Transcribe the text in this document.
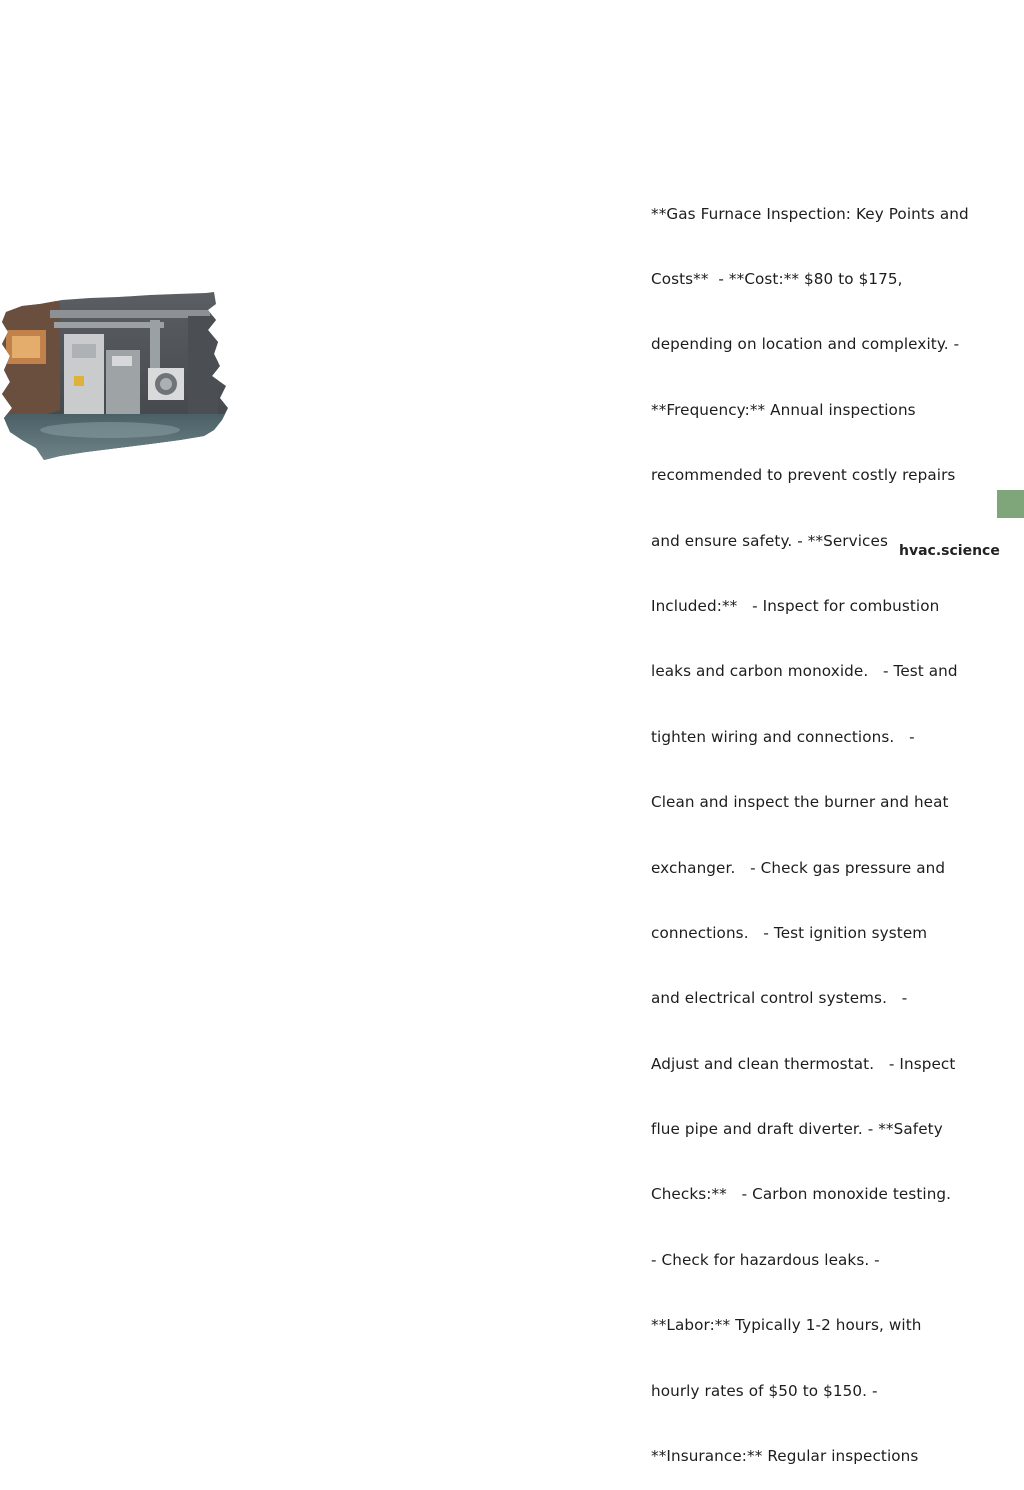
**Gas Furnace Inspection: Key Points and

Costs**  - **Cost:** $80 to $175,

depending on location and complexity. -

**Frequency:** Annual inspections

recommended to prevent costly repairs

and ensure safety. - **Services

Included:**   - Inspect for combustion

leaks and carbon monoxide.   - Test and

tighten wiring and connections.   -

Clean and inspect the burner and heat

exchanger.   - Check gas pressure and

connections.   - Test ignition system

and electrical control systems.   -

Adjust and clean thermostat.   - Inspect

flue pipe and draft diverter. - **Safety

Checks:**   - Carbon monoxide testing.

- Check for hazardous leaks. -

**Labor:** Typically 1-2 hours, with

hourly rates of $50 to $150. -

**Insurance:** Regular inspections

hvac.science
